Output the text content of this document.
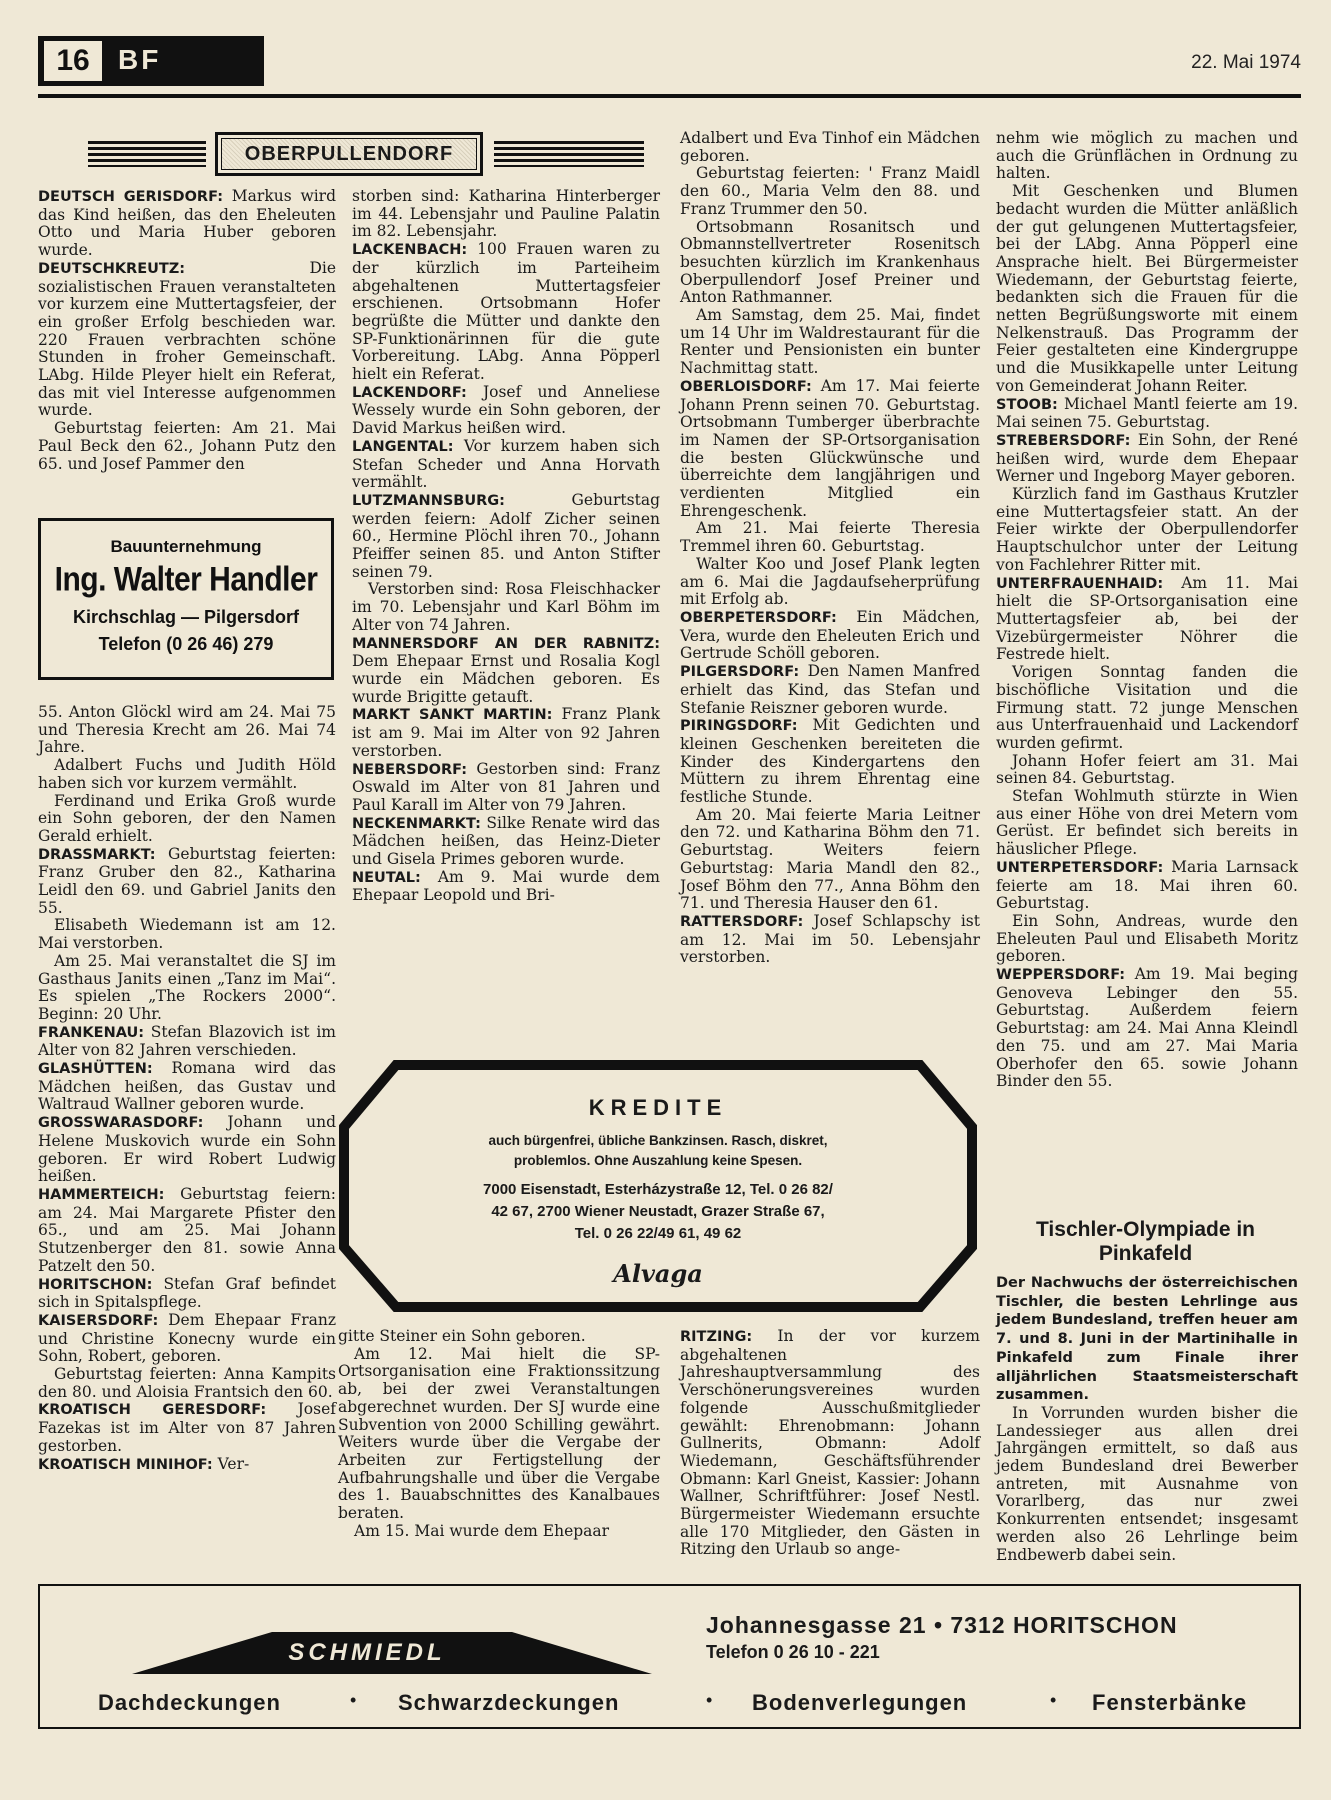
16	BF	22. Mai 1974
OBERPULLENDORF

DEUTSCH GERISDORF: Markus wird das Kind heißen, das den Eheleuten Otto und Maria Huber geboren wurde.

DEUTSCHKREUTZ:	Die sozialistischen Frauen veranstalteten vor kurzem eine Muttertagsfeier, der ein großer Erfolg beschieden war. 220 Frauen verbrachten schöne Stunden in froher Gemeinschaft. LAbg. Hilde Pleyer hielt ein Referat, das mit viel Interesse aufgenommen wurde.

Geburtstag feierten: Am 21. Mai Paul Beck den 62., Johann Putz den 65. und Josef Pammer den

Bauunternehmung
Ing. Walter Handler
Kirchschlag — Pilgersdorf
Telefon (0 26 46) 279

55. Anton Glöckl wird am 24. Mai 75 und Theresia Krecht am 26. Mai 74 Jahre.

Adalbert Fuchs und Judith Höld haben sich vor kurzem vermählt.

Ferdinand und Erika Groß wurde ein Sohn geboren, der den Namen Gerald erhielt.

DRASSMARKT: Geburtstag feierten: Franz Gruber den 82., Katharina Leidl den 69. und Gabriel Janits den 55.

Elisabeth Wiedemann ist am 12. Mai verstorben.

Am 25. Mai veranstaltet die SJ im Gasthaus Janits einen „Tanz im Mai“. Es spielen „The Rockers 2000“. Beginn: 20 Uhr.

FRANKENAU: Stefan Blazovich ist im Alter von 82 Jahren verschieden.

GLASHÜTTEN: Romana wird das Mädchen heißen, das Gustav und Waltraud Wallner geboren wurde.

GROSSWARASDORF: Johann und Helene Muskovich wurde ein Sohn geboren. Er wird Robert Ludwig heißen.

HAMMERTEICH: Geburtstag feiern: am 24. Mai Margarete Pfister den 65., und am 25. Mai Johann Stutzenberger den 81. sowie Anna Patzelt den 50.

HORITSCHON: Stefan Graf befindet sich in Spitalspflege.

KAISERSDORF: Dem Ehepaar Franz und Christine Konecny wurde ein Sohn, Robert, geboren.

Geburtstag feierten: Anna Kampits den 80. und Aloisia Frantsich den 60.

KROATISCH GERESDORF: Josef Fazekas ist im Alter von 87 Jahren gestorben.

KROATISCH MINIHOF: Ver-

storben sind: Katharina Hinterberger im 44. Lebensjahr und Pauline Palatin im 82. Lebensjahr.

LACKENBACH: 100 Frauen waren zu der kürzlich im Parteiheim abgehaltenen Muttertagsfeier erschienen. Ortsobmann Hofer begrüßte die Mütter und dankte den SP-Funktionärinnen für die gute Vorbereitung. LAbg. Anna Pöpperl hielt ein Referat.

LACKENDORF: Josef und Anneliese Wessely wurde ein Sohn geboren, der David Markus heißen wird.

LANGENTAL: Vor kurzem haben sich Stefan Scheder und Anna Horvath vermählt.

LUTZMANNSBURG:	Geburtstag werden feiern: Adolf Zicher seinen 60., Hermine Plöchl ihren 70., Johann Pfeiffer seinen 85. und Anton Stifter seinen 79.

Verstorben sind: Rosa Fleischhacker im 70. Lebensjahr und Karl Böhm im Alter von 74 Jahren.

MANNERSDORF AN DER RABNITZ: Dem Ehepaar Ernst und Rosalia Kogl wurde ein Mädchen geboren. Es wurde Brigitte getauft.

MARKT SANKT MARTIN: Franz Plank ist am 9. Mai im Alter von 92 Jahren verstorben.

NEBERSDORF: Gestorben sind: Franz Oswald im Alter von 81 Jahren und Paul Karall im Alter von 79 Jahren.

NECKENMARKT: Silke Renate wird das Mädchen heißen, das Heinz-Dieter und Gisela Primes geboren wurde.

NEUTAL: Am 9. Mai wurde dem Ehepaar Leopold und Bri-

Adalbert und Eva Tinhof ein Mädchen geboren.

Geburtstag feierten: ' Franz Maidl den 60., Maria Velm den 88. und Franz Trummer den 50.

Ortsobmann Rosanitsch und Obmannstellvertreter Rosenitsch besuchten kürzlich im Krankenhaus Oberpullendorf Josef Preiner und Anton Rathmanner.

Am Samstag, dem 25. Mai, findet um 14 Uhr im Waldrestaurant für die Renter und Pensionisten ein bunter Nachmittag statt.

OBERLOISDORF: Am 17. Mai feierte Johann Prenn seinen 70. Geburtstag. Ortsobmann Tumberger überbrachte im Namen der SP-Ortsorganisation die besten Glückwünsche und überreichte dem langjährigen und verdienten Mitglied ein Ehrengeschenk.

Am 21. Mai feierte Theresia Tremmel ihren 60. Geburtstag.

Walter Koo und Josef Plank legten am 6. Mai die Jagdaufseherprüfung mit Erfolg ab.

OBERPETERSDORF: Ein Mädchen, Vera, wurde den Eheleuten Erich und Gertrude Schöll geboren.

PILGERSDORF: Den Namen Manfred erhielt das Kind, das Stefan und Stefanie Reiszner geboren wurde.

PIRINGSDORF: Mit Gedichten und kleinen Geschenken bereiteten die Kinder des Kindergartens den Müttern zu ihrem Ehrentag eine festliche Stunde.

Am 20. Mai feierte Maria Leitner den 72. und Katharina Böhm den 71. Geburtstag. Weiters feiern Geburtstag: Maria Mandl den 82., Josef Böhm den 77., Anna Böhm den 71. und Theresia Hauser den 61.

RATTERSDORF: Josef Schlapschy ist am 12. Mai im 50. Lebensjahr verstorben.

KREDITE
auch bürgenfrei, übliche Bankzinsen. Rasch, diskret,
problemlos. Ohne Auszahlung keine Spesen.
7000 Eisenstadt, Esterházystraße 12, Tel. 0 26 82/
42 67, 2700 Wiener Neustadt, Grazer Straße 67,
Tel. 0 26 22/49 61, 49 62
Alvaga

gitte Steiner ein Sohn geboren.

Am 12. Mai hielt die SP-Ortsorganisation eine Fraktionssitzung ab, bei der zwei Veranstaltungen abgerechnet wurden. Der SJ wurde eine Subvention von 2000 Schilling gewährt. Weiters wurde über die Vergabe der Arbeiten zur Fertigstellung der Aufbahrungshalle und über die Vergabe des 1. Bauabschnittes des Kanalbaues beraten.

Am 15. Mai wurde dem Ehepaar

RITZING: In der vor kurzem abgehaltenen Jahreshauptversammlung des Verschönerungsvereines wurden folgende Ausschußmitglieder gewählt: Ehrenobmann: Johann Gullnerits, Obmann: Adolf Wiedemann, Geschäftsführender Obmann: Karl Gneist, Kassier: Johann Wallner, Schriftführer: Josef Nestl. Bürgermeister Wiedemann ersuchte alle 170 Mitglieder, den Gästen in Ritzing den Urlaub so ange-

nehm wie möglich zu machen und auch die Grünflächen in Ordnung zu halten.

Mit Geschenken und Blumen bedacht wurden die Mütter anläßlich der gut gelungenen Muttertagsfeier, bei der LAbg. Anna Pöpperl eine Ansprache hielt. Bei Bürgermeister Wiedemann, der Geburtstag feierte, bedankten sich die Frauen für die netten Begrüßungsworte mit einem Nelkenstrauß. Das Programm der Feier gestalteten eine Kindergruppe und die Musikkapelle unter Leitung von Gemeinderat Johann Reiter.

STOOB: Michael Mantl feierte am 19. Mai seinen 75. Geburtstag.

STREBERSDORF: Ein Sohn, der René heißen wird, wurde dem Ehepaar Werner und Ingeborg Mayer geboren.

Kürzlich fand im Gasthaus Krutzler eine Muttertagsfeier statt. An der Feier wirkte der Oberpullendorfer Hauptschulchor unter der Leitung von Fachlehrer Ritter mit.

UNTERFRAUENHAID: Am 11. Mai hielt die SP-Ortsorganisation eine Muttertagsfeier ab, bei der Vizebürgermeister Nöhrer die Festrede hielt.

Vorigen Sonntag fanden die bischöfliche Visitation und die Firmung statt. 72 junge Menschen aus Unterfrauenhaid und Lackendorf wurden gefirmt.

Johann Hofer feiert am 31. Mai seinen 84. Geburtstag.

Stefan Wohlmuth stürzte in Wien aus einer Höhe von drei Metern vom Gerüst. Er befindet sich bereits in häuslicher Pflege.

UNTERPETERSDORF: Maria Larnsack feierte am 18. Mai ihren 60. Geburtstag.

Ein Sohn, Andreas, wurde den Eheleuten Paul und Elisabeth Moritz geboren.

WEPPERSDORF: Am 19. Mai beging Genoveva Lebinger den 55. Geburtstag. Außerdem feiern Geburtstag: am 24. Mai Anna Kleindl den 75. und am 27. Mai Maria Oberhofer den 65. sowie Johann Binder den 55.

Tischler-Olympiade in Pinkafeld

Der Nachwuchs der österreichischen Tischler, die besten Lehrlinge aus jedem Bundesland, treffen heuer am 7. und 8. Juni in der Martinihalle in Pinkafeld zum Finale ihrer alljährlichen Staatsmeisterschaft zusammen.

In Vorrunden wurden bisher die Landessieger aus allen drei Jahrgängen ermittelt, so daß aus jedem Bundesland drei Bewerber antreten, mit Ausnahme von Vorarlberg, das nur zwei Konkurrenten entsendet; insgesamt werden also 26 Lehrlinge beim Endbewerb dabei sein.

SCHMIEDL
Johannesgasse 21 • 7312 HORITSCHON
Telefon 0 26 10 - 221
Dachdeckungen	• Schwarzdeckungen	• Bodenverlegungen	• Fensterbänke
